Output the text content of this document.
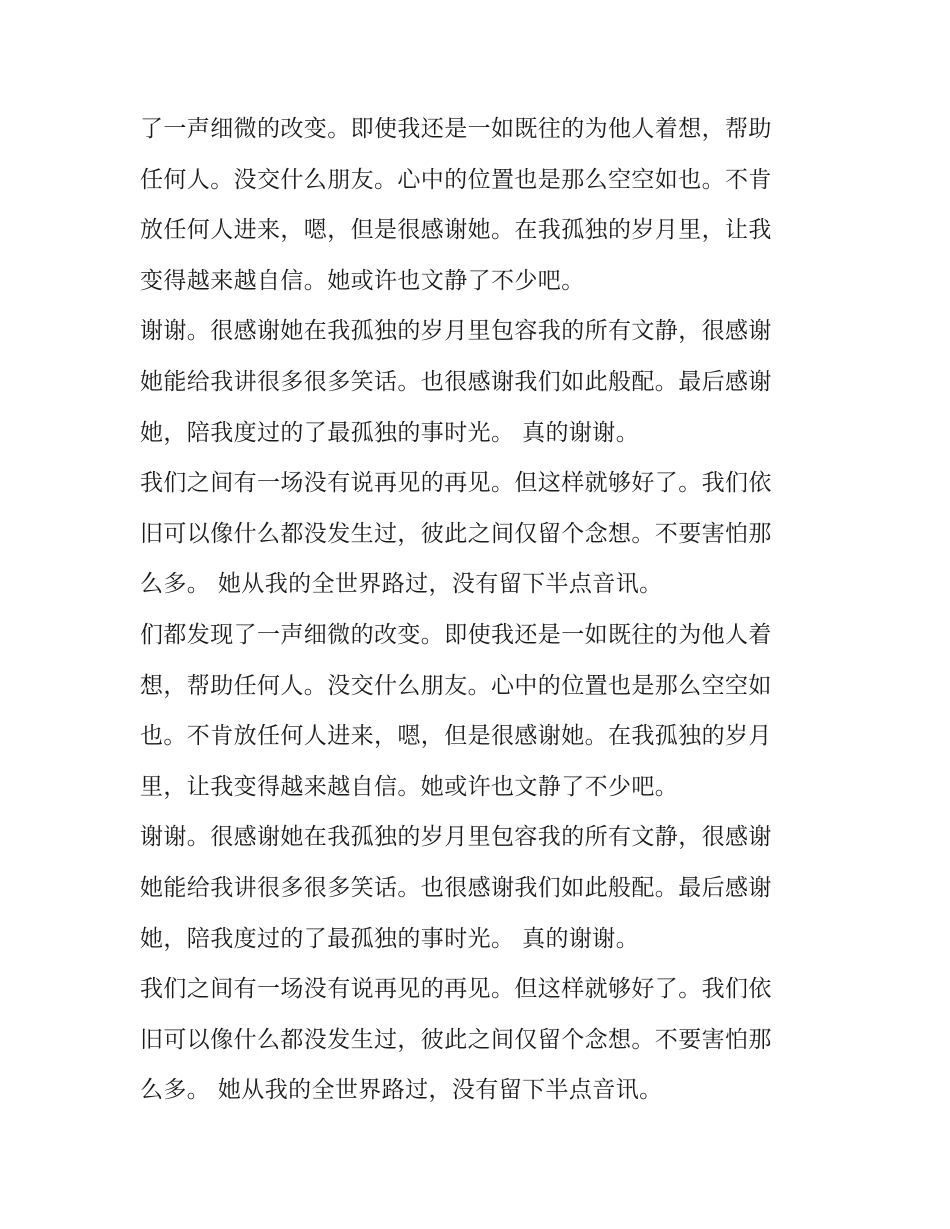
了一声细微的改变。即使我还是一如既往的为他人着想，帮助
任何人。没交什么朋友。心中的位置也是那么空空如也。不肯
放任何人进来，嗯，但是很感谢她。在我孤独的岁月里，让我
变得越来越自信。她或许也文静了不少吧。
谢谢。很感谢她在我孤独的岁月里包容我的所有文静，很感谢
她能给我讲很多很多笑话。也很感谢我们如此般配。最后感谢
她，陪我度过的了最孤独的事时光。 真的谢谢。
我们之间有一场没有说再见的再见。但这样就够好了。我们依
旧可以像什么都没发生过，彼此之间仅留个念想。不要害怕那
么多。 她从我的全世界路过，没有留下半点音讯。
们都发现了一声细微的改变。即使我还是一如既往的为他人着
想，帮助任何人。没交什么朋友。心中的位置也是那么空空如
也。不肯放任何人进来，嗯，但是很感谢她。在我孤独的岁月
里，让我变得越来越自信。她或许也文静了不少吧。
谢谢。很感谢她在我孤独的岁月里包容我的所有文静，很感谢
她能给我讲很多很多笑话。也很感谢我们如此般配。最后感谢
她，陪我度过的了最孤独的事时光。 真的谢谢。
我们之间有一场没有说再见的再见。但这样就够好了。我们依
旧可以像什么都没发生过，彼此之间仅留个念想。不要害怕那
么多。 她从我的全世界路过，没有留下半点音讯。
